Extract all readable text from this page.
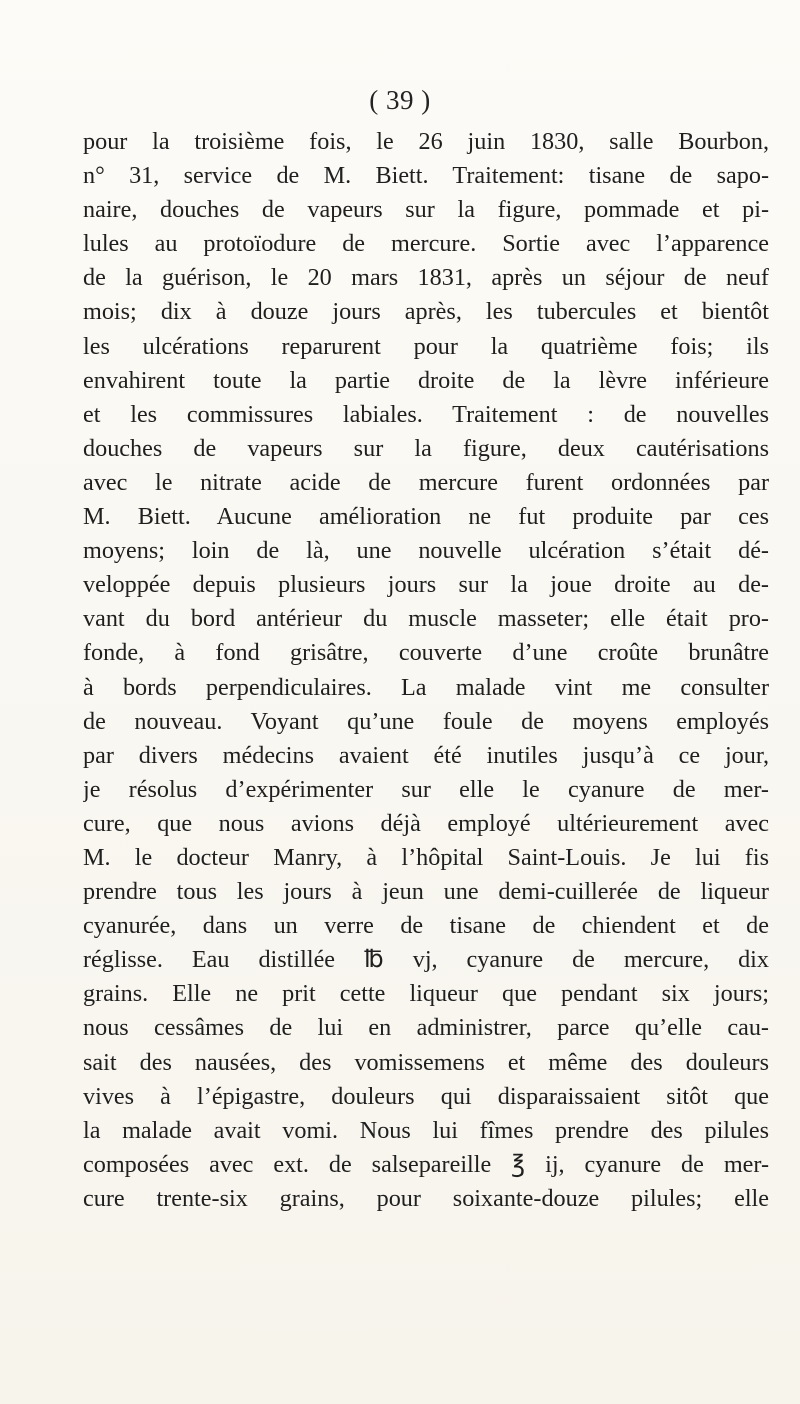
( 39 )
pour la troisième fois, le 26 juin 1830, salle Bourbon,
n° 31, service de M. Biett. Traitement: tisane de sapo-
naire, douches de vapeurs sur la figure, pommade et pi-
lules au protoïodure de mercure. Sortie avec l’apparence
de la guérison, le 20 mars 1831, après un séjour de neuf
mois; dix à douze jours après, les tubercules et bientôt
les ulcérations reparurent pour la quatrième fois; ils
envahirent toute la partie droite de la lèvre inférieure
et les commissures labiales. Traitement : de nouvelles
douches de vapeurs sur la figure, deux cautérisations
avec le nitrate acide de mercure furent ordonnées par
M. Biett. Aucune amélioration ne fut produite par ces
moyens; loin de là, une nouvelle ulcération s’était dé-
veloppée depuis plusieurs jours sur la joue droite au de-
vant du bord antérieur du muscle masseter; elle était pro-
fonde, à fond grisâtre, couverte d’une croûte brunâtre
à bords perpendiculaires. La malade vint me consulter
de nouveau. Voyant qu’une foule de moyens employés
par divers médecins avaient été inutiles jusqu’à ce jour,
je résolus d’expérimenter sur elle le cyanure de mer-
cure, que nous avions déjà employé ultérieurement avec
M. le docteur Manry, à l’hôpital Saint-Louis. Je lui fis
prendre tous les jours à jeun une demi-cuillerée de liqueur
cyanurée, dans un verre de tisane de chiendent et de
réglisse. Eau distillée ℔ vj, cyanure de mercure, dix
grains. Elle ne prit cette liqueur que pendant six jours;
nous cessâmes de lui en administrer, parce qu’elle cau-
sait des nausées, des vomissemens et même des douleurs
vives à l’épigastre, douleurs qui disparaissaient sitôt que
la malade avait vomi. Nous lui fîmes prendre des pilules
composées avec ext. de salsepareille ℥ ij, cyanure de mer-
cure trente-six grains, pour soixante-douze pilules; elle
